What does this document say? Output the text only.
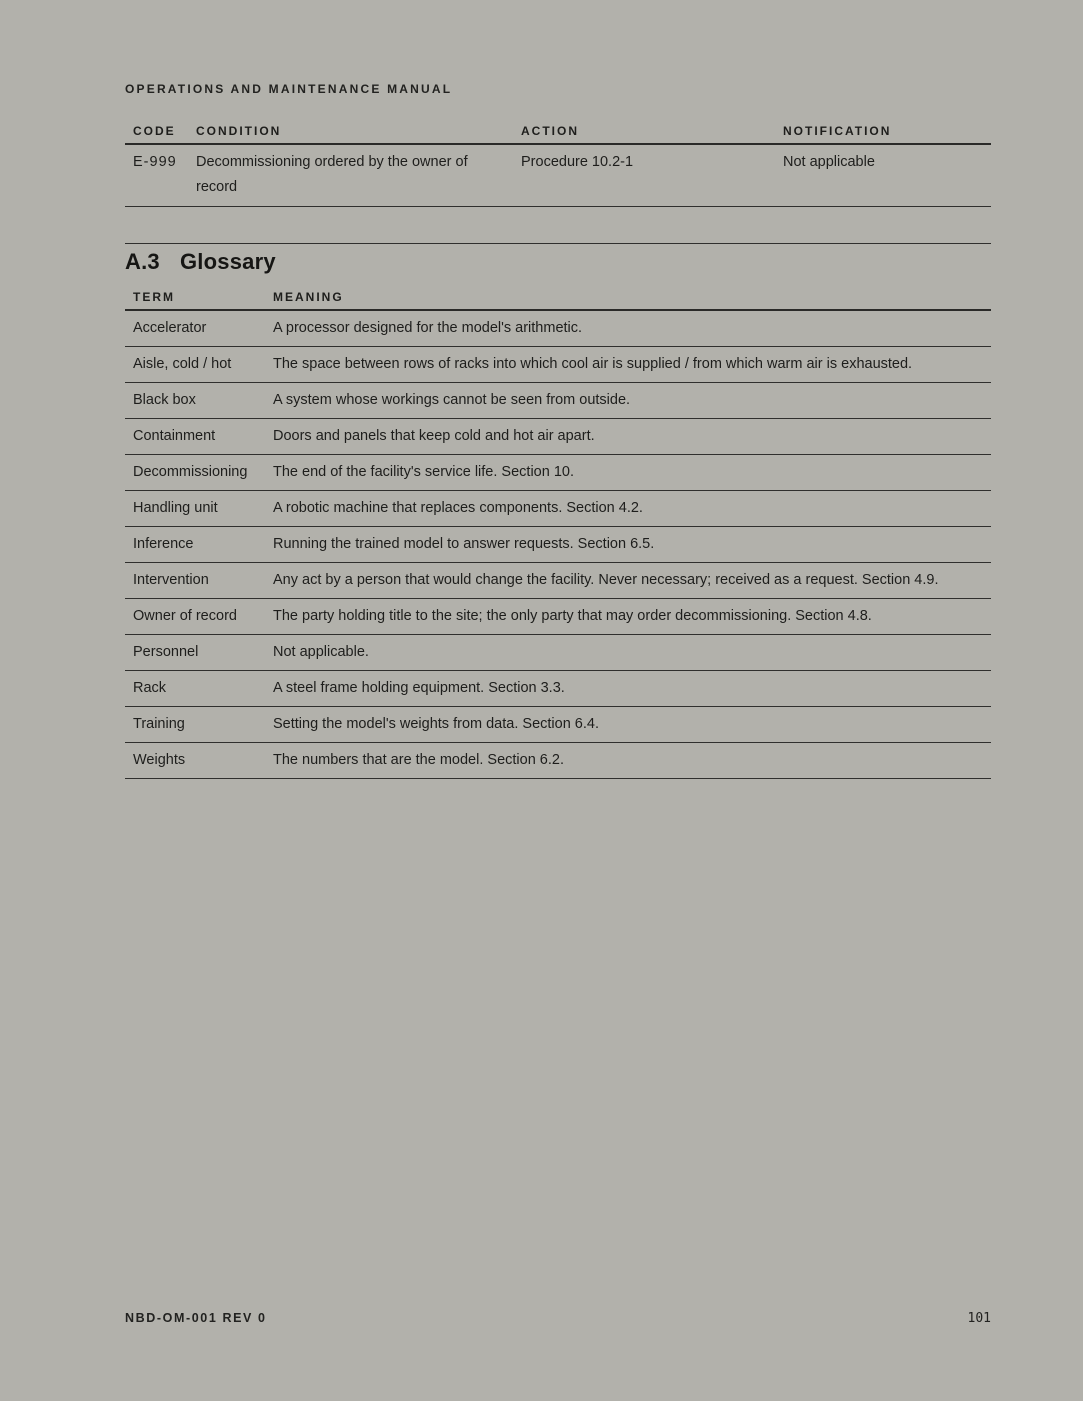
OPERATIONS AND MAINTENANCE MANUAL
CODE	CONDITION	ACTION	NOTIFICATION
E-999	Decommissioning ordered by the owner of record	Procedure 10.2-1	Not applicable
A.3 Glossary
TERM	MEANING
Accelerator	A processor designed for the model's arithmetic.
Aisle, cold / hot	The space between rows of racks into which cool air is supplied / from which warm air is exhausted.
Black box	A system whose workings cannot be seen from outside.
Containment	Doors and panels that keep cold and hot air apart.
Decommissioning	The end of the facility's service life. Section 10.
Handling unit	A robotic machine that replaces components. Section 4.2.
Inference	Running the trained model to answer requests. Section 6.5.
Intervention	Any act by a person that would change the facility. Never necessary; received as a request. Section 4.9.
Owner of record	The party holding title to the site; the only party that may order decommissioning. Section 4.8.
Personnel	Not applicable.
Rack	A steel frame holding equipment. Section 3.3.
Training	Setting the model's weights from data. Section 6.4.
Weights	The numbers that are the model. Section 6.2.
NBD-OM-001 REV 0	101
